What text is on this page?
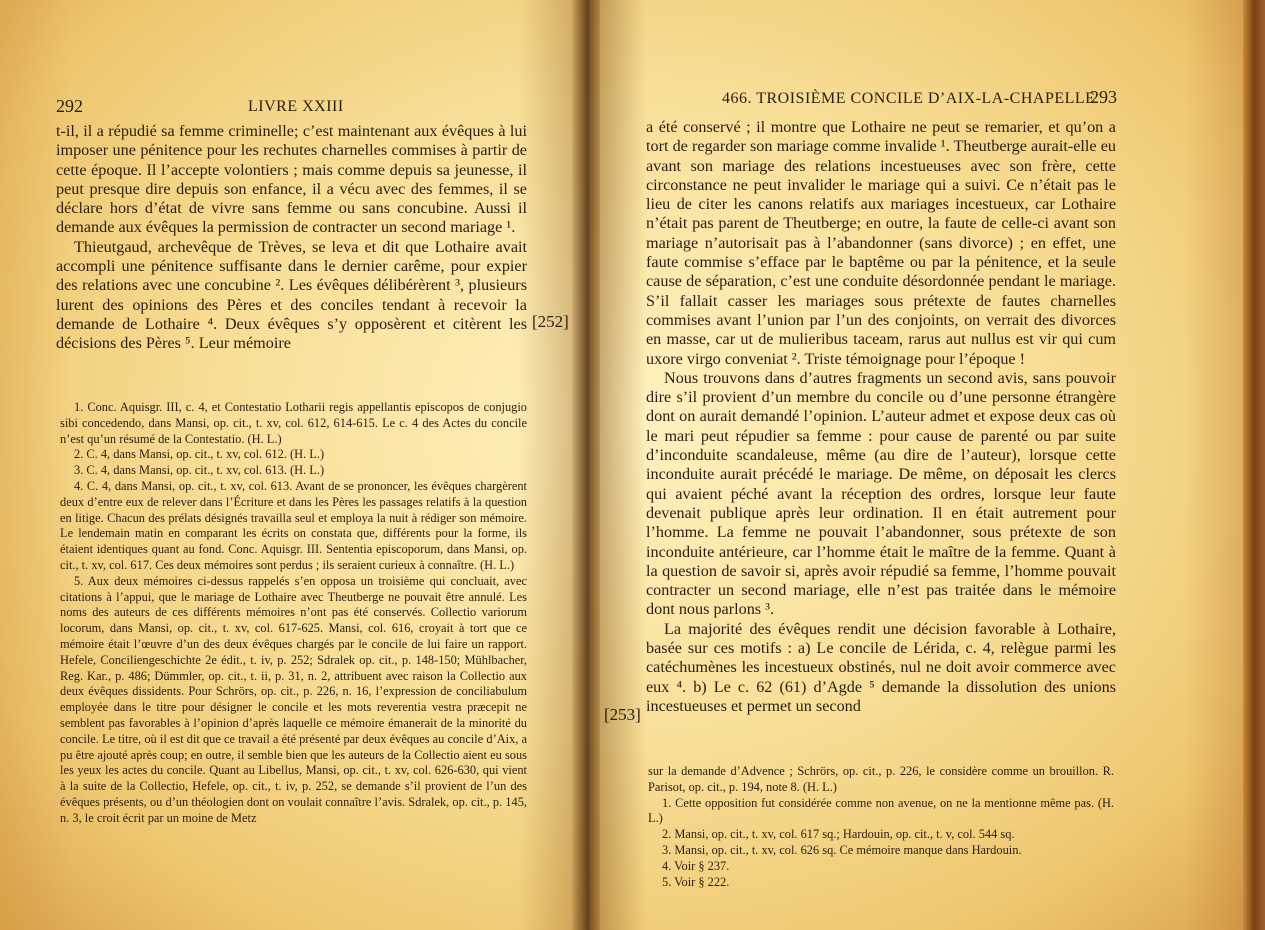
292	LIVRE XXIII

t-il, il a répudié sa femme criminelle; c’est maintenant aux évêques à lui imposer une pénitence pour les rechutes charnelles commises à partir de cette époque. Il l’accepte volontiers ; mais comme depuis sa jeunesse, il peut presque dire depuis son enfance, il a vécu avec des femmes, il se déclare hors d’état de vivre sans femme ou sans concubine. Aussi il demande aux évêques la permission de contracter un second mariage ¹.

Thieutgaud, archevêque de Trèves, se leva et dit que Lothaire avait accompli une pénitence suffisante dans le dernier carême, pour expier des relations avec une concubine ². Les évêques délibérèrent ³, plusieurs lurent des opinions des Pères et des conciles tendant à recevoir la demande de Lothaire ⁴. Deux évêques s’y opposèrent et citèrent les décisions des Pères ⁵. Leur mémoire

1. Conc. Aquisgr. III, c. 4, et Contestatio Lotharii regis appellantis episcopos de conjugio sibi concedendo, dans Mansi, op. cit., t. xv, col. 612, 614-615. Le c. 4 des Actes du concile n’est qu’un résumé de la Contestatio. (H. L.)

2. C. 4, dans Mansi, op. cit., t. xv, col. 612. (H. L.)

3. C. 4, dans Mansi, op. cit., t. xv, col. 613. (H. L.)

4. C. 4, dans Mansi, op. cit., t. xv, col. 613. Avant de se prononcer, les évêques chargèrent deux d’entre eux de relever dans l’Écriture et dans les Pères les passages relatifs à la question en litige. Chacun des prélats désignés travailla seul et employa la nuit à rédiger son mémoire. Le lendemain matin en comparant les écrits on constata que, différents pour la forme, ils étaient identiques quant au fond. Conc. Aquisgr. III. Sententia episcoporum, dans Mansi, op. cit., t. xv, col. 617. Ces deux mémoires sont perdus ; ils seraient curieux à connaître. (H. L.)

5. Aux deux mémoires ci-dessus rappelés s’en opposa un troisième qui concluait, avec citations à l’appui, que le mariage de Lothaire avec Theutberge ne pouvait être annulé. Les noms des auteurs de ces différents mémoires n’ont pas été conservés. Collectio variorum locorum, dans Mansi, op. cit., t. xv, col. 617-625. Mansi, col. 616, croyait à tort que ce mémoire était l’œuvre d’un des deux évêques chargés par le concile de lui faire un rapport. Hefele, Conciliengeschichte 2e édit., t. iv, p. 252; Sdralek op. cit., p. 148-150; Mühlbacher, Reg. Kar., p. 486; Dümmler, op. cit., t. ii, p. 31, n. 2, attribuent avec raison la Collectio aux deux évêques dissidents. Pour Schrörs, op. cit., p. 226, n. 16, l’expression de conciliabulum employée dans le titre pour désigner le concile et les mots reverentia vestra præcepit ne semblent pas favorables à l’opinion d’après laquelle ce mémoire émanerait de la minorité du concile. Le titre, où il est dit que ce travail a été présenté par deux évêques au concile d’Aix, a pu être ajouté après coup; en outre, il semble bien que les auteurs de la Collectio aient eu sous les yeux les actes du concile. Quant au Libellus, Mansi, op. cit., t. xv, col. 626-630, qui vient à la suite de la Collectio, Hefele, op. cit., t. iv, p. 252, se demande s’il provient de l’un des évêques présents, ou d’un théologien dont on voulait connaître l’avis. Sdralek, op. cit., p. 145, n. 3, le croit écrit par un moine de Metz

[252]
466. TROISIÈME CONCILE D’AIX-LA-CHAPELLE
293

a été conservé ; il montre que Lothaire ne peut se remarier, et qu’on a tort de regarder son mariage comme invalide ¹. Theutberge aurait-elle eu avant son mariage des relations incestueuses avec son frère, cette circonstance ne peut invalider le mariage qui a suivi. Ce n’était pas le lieu de citer les canons relatifs aux mariages incestueux, car Lothaire n’était pas parent de Theutberge; en outre, la faute de celle-ci avant son mariage n’autorisait pas à l’abandonner (sans divorce) ; en effet, une faute commise s’efface par le baptême ou par la pénitence, et la seule cause de séparation, c’est une conduite désordonnée pendant le mariage. S’il fallait casser les mariages sous prétexte de fautes charnelles commises avant l’union par l’un des conjoints, on verrait des divorces en masse, car ut de mulieribus taceam, rarus aut nullus est vir qui cum uxore virgo conveniat ². Triste témoignage pour l’époque !

Nous trouvons dans d’autres fragments un second avis, sans pouvoir dire s’il provient d’un membre du concile ou d’une personne étrangère dont on aurait demandé l’opinion. L’auteur admet et expose deux cas où le mari peut répudier sa femme : pour cause de parenté ou par suite d’inconduite scandaleuse, même (au dire de l’auteur), lorsque cette inconduite aurait précédé le mariage. De même, on déposait les clercs qui avaient péché avant la réception des ordres, lorsque leur faute devenait publique après leur ordination. Il en était autrement pour l’homme. La femme ne pouvait l’abandonner, sous prétexte de son inconduite antérieure, car l’homme était le maître de la femme. Quant à la question de savoir si, après avoir répudié sa femme, l’homme pouvait contracter un second mariage, elle n’est pas traitée dans le mémoire dont nous parlons ³.

La majorité des évêques rendit une décision favorable à Lothaire, basée sur ces motifs : a) Le concile de Lérida, c. 4, relègue parmi les catéchumènes les incestueux obstinés, nul ne doit avoir commerce avec eux ⁴. b) Le c. 62 (61) d’Agde ⁵ demande la dissolution des unions incestueuses et permet un second

[253]

sur la demande d’Advence ; Schrörs, op. cit., p. 226, le considère comme un brouillon. R. Parisot, op. cit., p. 194, note 8. (H. L.)

1. Cette opposition fut considérée comme non avenue, on ne la mentionne même pas. (H. L.)

2. Mansi, op. cit., t. xv, col. 617 sq.; Hardouin, op. cit., t. v, col. 544 sq.

3. Mansi, op. cit., t. xv, col. 626 sq. Ce mémoire manque dans Hardouin.

4. Voir § 237.

5. Voir § 222.
